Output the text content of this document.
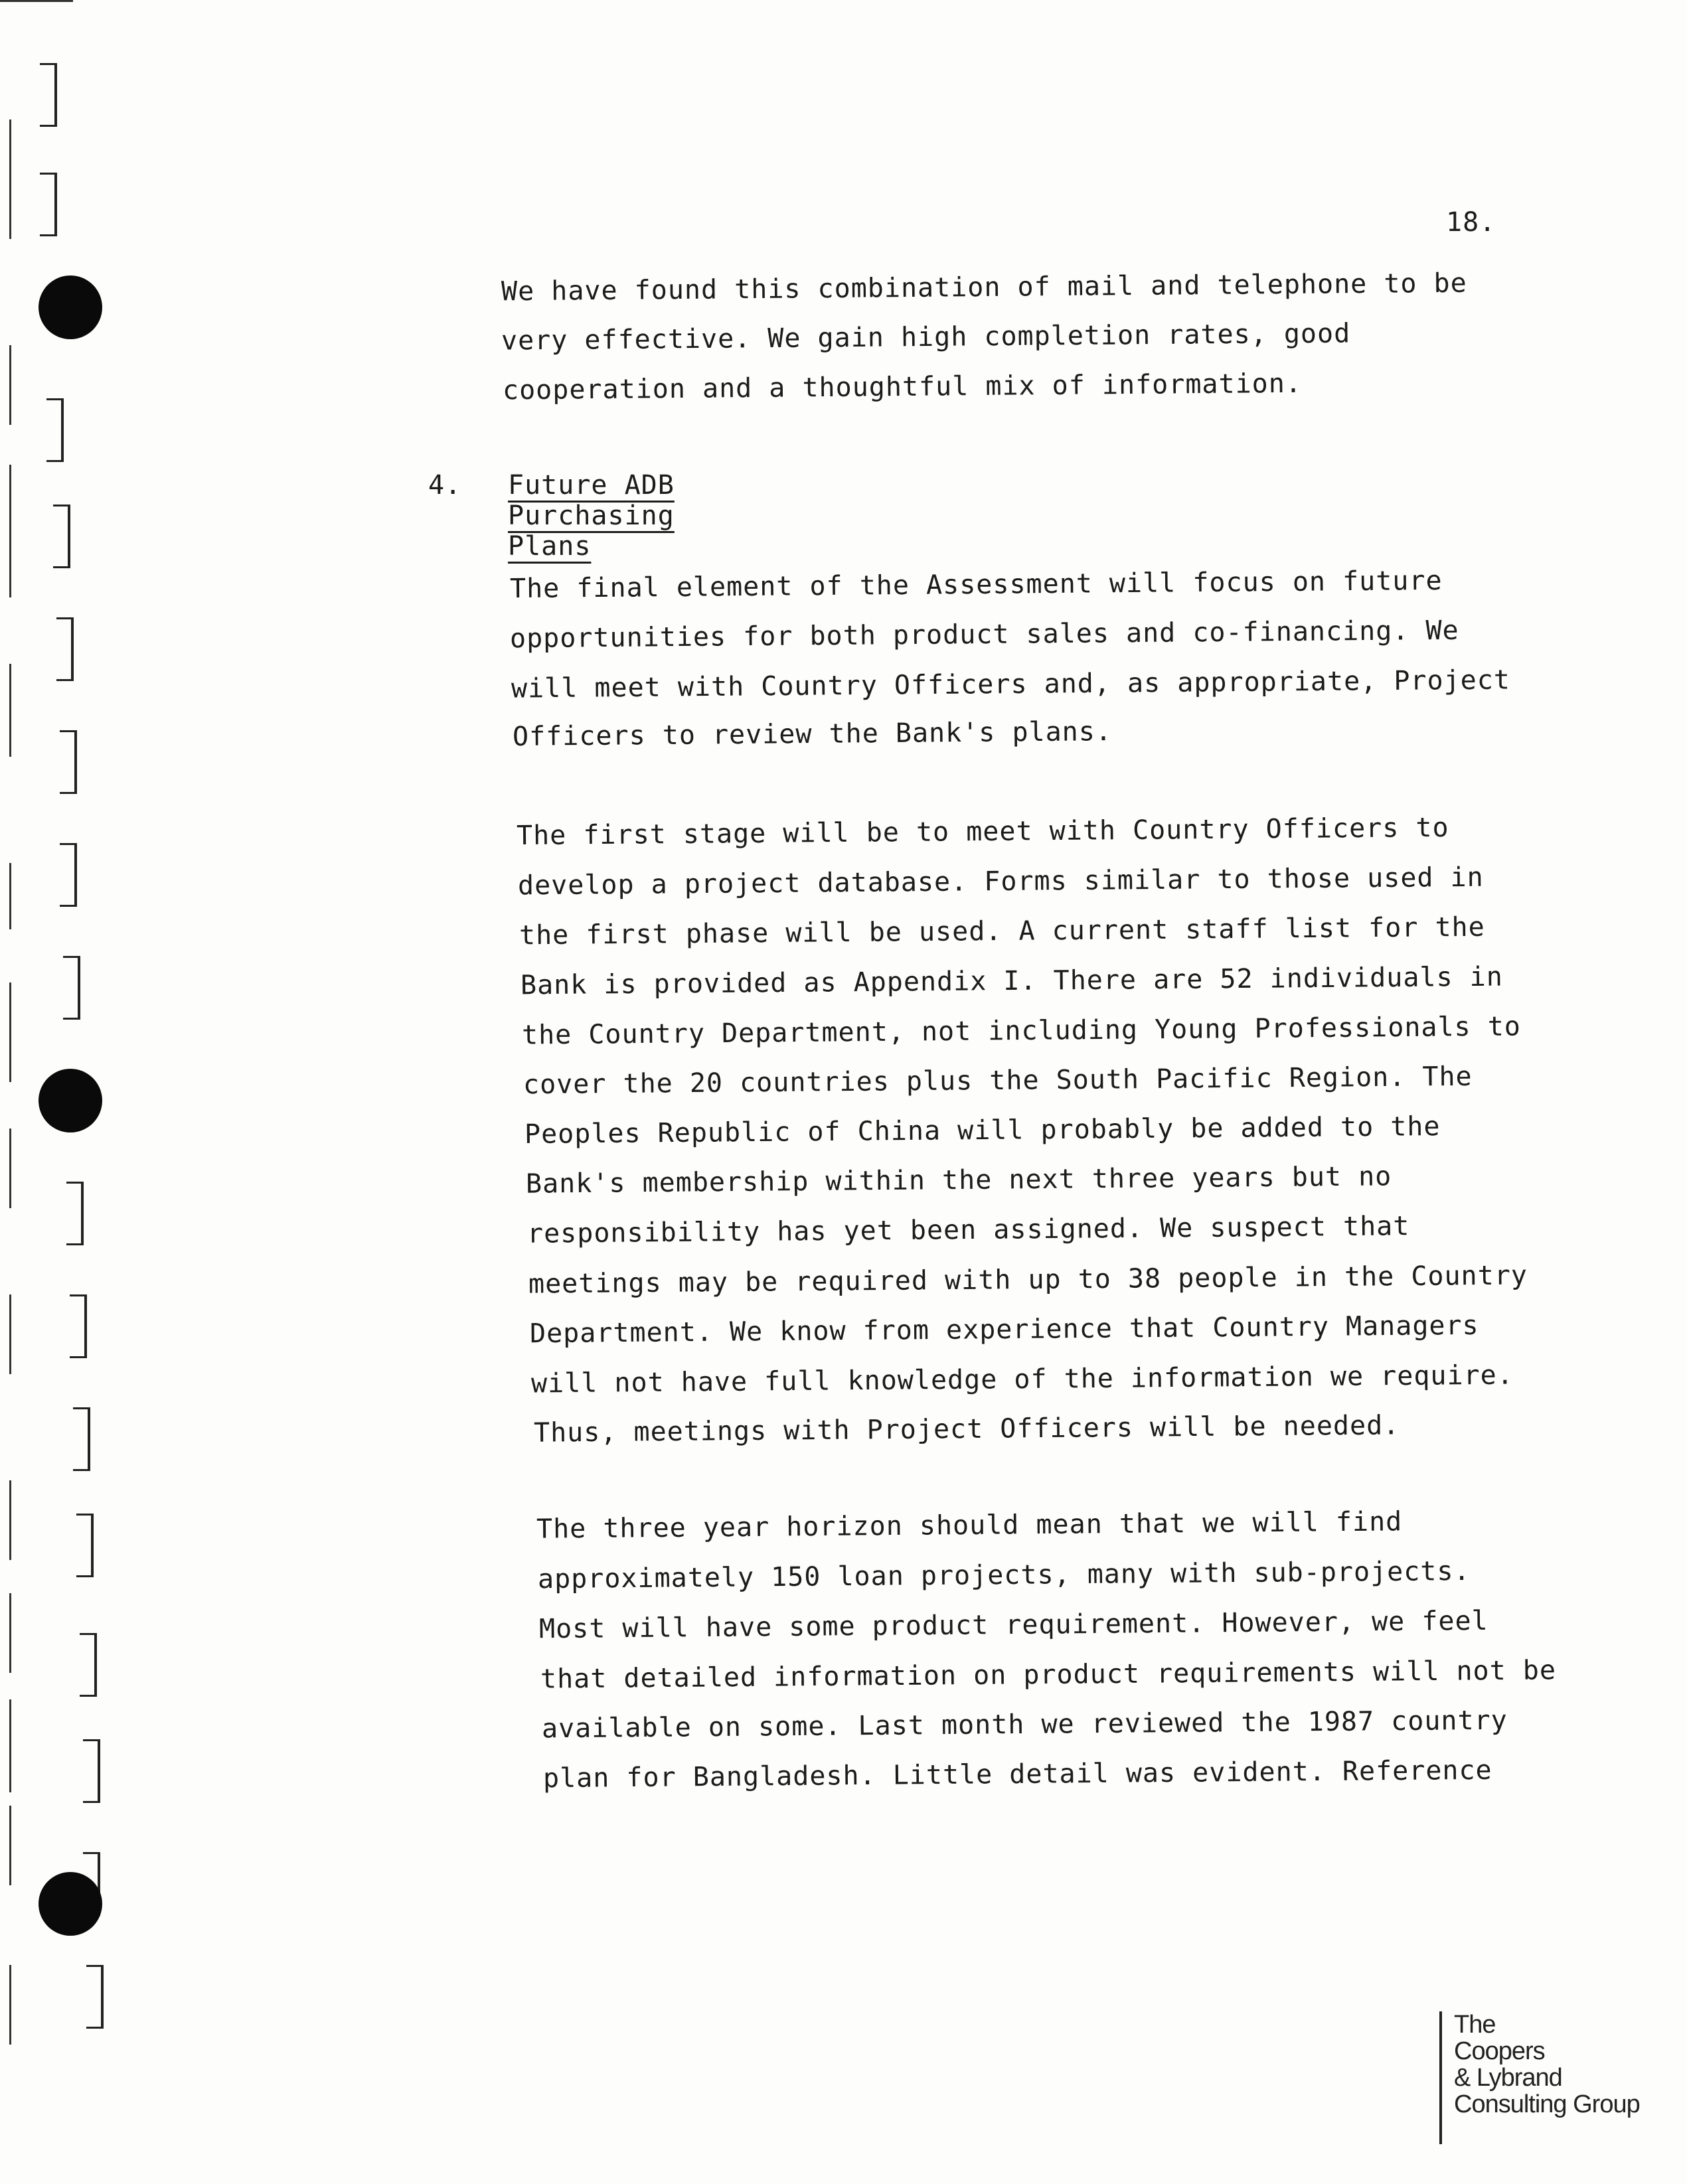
18.
We have found this combination of mail and telephone to be
very effective. We gain high completion rates, good
cooperation and a thoughtful mix of information.
4. Future ADB Purchasing Plans
The final element of the Assessment will focus on future
opportunities for both product sales and co-financing. We
will meet with Country Officers and, as appropriate, Project
Officers to review the Bank's plans.
The first stage will be to meet with Country Officers to
develop a project database. Forms similar to those used in
the first phase will be used. A current staff list for the
Bank is provided as Appendix I. There are 52 individuals in
the Country Department, not including Young Professionals to
cover the 20 countries plus the South Pacific Region. The
Peoples Republic of China will probably be added to the
Bank's membership within the next three years but no
responsibility has yet been assigned. We suspect that
meetings may be required with up to 38 people in the Country
Department. We know from experience that Country Managers
will not have full knowledge of the information we require.
Thus, meetings with Project Officers will be needed.
The three year horizon should mean that we will find
approximately 150 loan projects, many with sub-projects.
Most will have some product requirement. However, we feel
that detailed information on product requirements will not be
available on some. Last month we reviewed the 1987 country
plan for Bangladesh. Little detail was evident. Reference
The
Coopers
& Lybrand
Consulting Group
